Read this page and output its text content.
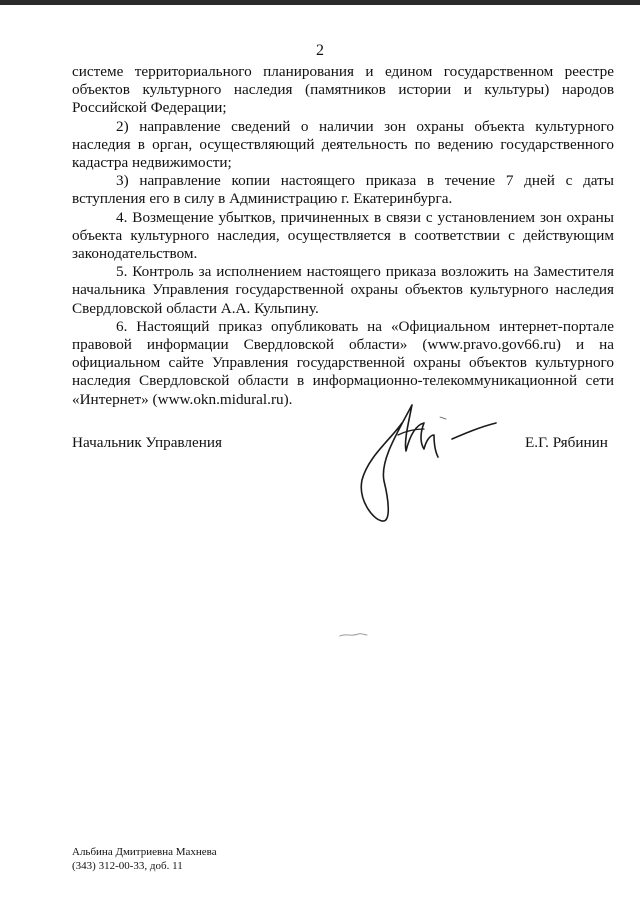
2

системе территориального планирования и едином государственном реестре объектов культурного наследия (памятников истории и культуры) народов Российской Федерации;

2) направление сведений о наличии зон охраны объекта культурного наследия в орган, осуществляющий деятельность по ведению государственного кадастра недвижимости;

3) направление копии настоящего приказа в течение 7 дней с даты вступления его в силу в Администрацию г. Екатеринбурга.

4. Возмещение убытков, причиненных в связи с установлением зон охраны объекта культурного наследия, осуществляется в соответствии с действующим законодательством.

5. Контроль за исполнением настоящего приказа возложить на Заместителя начальника Управления государственной охраны объектов культурного наследия Свердловской области А.А. Кульпину.

6. Настоящий приказ опубликовать на «Официальном интернет-портале правовой информации Свердловской области» (www.pravo.gov66.ru) и на официальном сайте Управления государственной охраны объектов культурного наследия Свердловской области в информационно-телекоммуникационной сети «Интернет» (www.okn.midural.ru).

Начальник Управления	Е.Г. Рябинин
Альбина Дмитриевна Махнева
(343) 312-00-33, доб. 11
